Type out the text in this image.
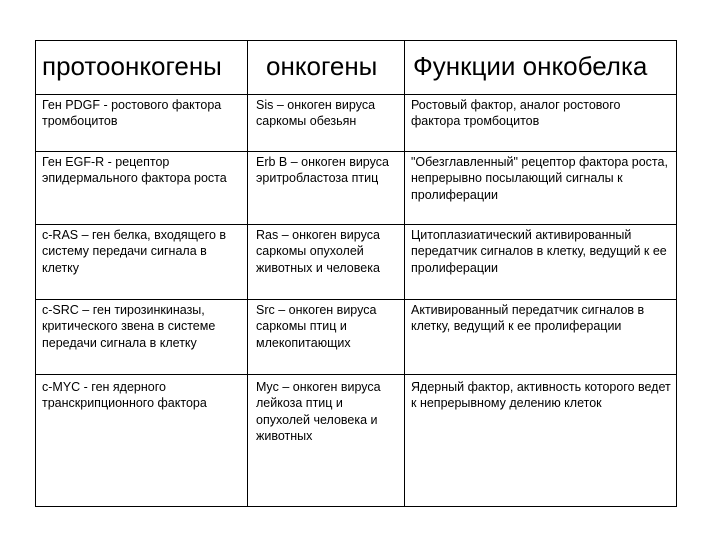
протоонкогены	онкогены	Функции онкобелка

Ген PDGF - ростового фактора тромбоцитов	Sis – онкоген вируса саркомы обезьян	Ростовый фактор, аналог ростового фактора тромбоцитов

Ген EGF-R - рецептор эпидермального фактора роста	Erb B – онкоген вируса эритробластоза птиц	"Обезглавленный" рецептор фактора роста, непрерывно посылающий сигналы к пролиферации

c-RAS – ген белка, входящего в систему передачи сигнала в клетку	Ras – онкоген вируса саркомы опухолей животных и человека	Цитоплазиатический активированный передатчик сигналов в клетку, ведущий к ее пролиферации

c-SRC – ген тирозинкиназы, критического звена в системе передачи сигнала в клетку	Src – онкоген вируса саркомы птиц и млекопитающих	Активированный передатчик сигналов в клетку, ведущий к ее пролиферации

c-MYC - ген ядерного транскрипционного фактора	Myc – онкоген вируса лейкоза птиц и опухолей человека и животных	Ядерный фактор, активность которого ведет к непрерывному делению клеток
